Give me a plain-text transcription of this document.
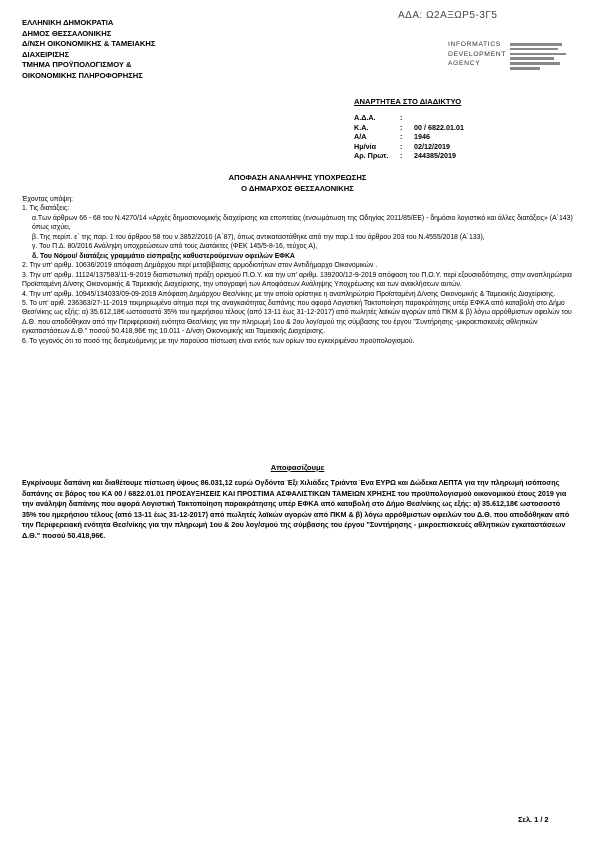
ΑΔΑ: Ω2ΑΞΩΡ5-3Γ5
ΕΛΛΗΝΙΚΗ ΔΗΜΟΚΡΑΤΙΑ
ΔΗΜΟΣ ΘΕΣΣΑΛΟΝΙΚΗΣ
Δ/ΝΣΗ ΟΙΚΟΝΟΜΙΚΗΣ & ΤΑΜΕΙΑΚΗΣ
ΔΙΑΧΕΙΡΙΣΗΣ
ΤΜΗΜΑ ΠΡΟΫΠΟΛΟΓΙΣΜΟΥ &
ΟΙΚΟΝΟΜΙΚΗΣ ΠΛΗΡΟΦΟΡΗΣΗΣ
INFORMATICS
DEVELOPMENT
AGENCY
ΑΝΑΡΤΗΤΕΑ ΣΤΟ ΔΙΑΔΙΚΤΥΟ
Α.Δ.Α.	:
Κ.Α.	:	00 / 6822.01.01
Α/Α	:	1946
Ημ/νία	:	02/12/2019
Αρ. Πρωτ.	:	244385/2019
ΑΠΟΦΑΣΗ ΑΝΑΛΗΨΗΣ ΥΠΟΧΡΕΩΣΗΣ
Ο ΔΗΜΑΡΧΟΣ ΘΕΣΣΑΛΟΝΙΚΗΣ

Έχοντας υπόψη:

1. Τις διατάξεις:

α.Των άρθρων 66 - 68 του Ν.4270/14 «Αρχές δημοσιονομικής διαχείρισης και εποπτείας (ενσωμάτωση της Οδηγίας 2011/85/ΕΕ) - δημόσιο λογιστικό και άλλες διατάξεις» (Α΄143) όπως ισχύει,

β. Της περίπ. ε΄ της παρ. 1 του άρθρου 58 του ν.3852/2010 (Α΄87), όπως αντικαταστάθηκε από την παρ.1 του άρθρου 203 του Ν.4555/2018 (Α΄133),

γ. Του Π.Δ. 80/2016 Ανάληψη υποχρεώσεων από τους Διατάκτες (ΦΕΚ 145/5-8-16, τεύχος Α),

δ. Του Νόμου/ διατάξεις γραμμάτιο είσπραξης καθυστερούμενων οφειλών ΕΦΚΑ

2. Την υπ' αριθμ. 10636/2019 απόφαση Δημάρχου περί μεταβίβασης αρμοδιοτήτων στον Αντιδήμαρχο Οικονομικών .

3. Την υπ' αριθμ. 11124/137583/11-9-2019 διαπιστωτική πράξη ορισμού Π.Ο.Υ. και την υπ' αριθμ. 139200/12-9-2019 απόφαση του Π.Ο.Υ. περί εξουσιοδότησης, στην αναπληρώτρια Προϊσταμένη Δ/νσης Οικονομικής & Ταμειακής Διαχείρισης, την υπογραφή των Αποφάσεων Ανάληψης Υποχρέωσης και των ανακλήσεων αυτών.

4. Την υπ' αριθμ. 10945/134033/09-09-2019 Απόφαση Δημάρχου Θεσ/νίκης με την οποία ορίστηκε η αναπληρώτρια Προϊσταμένη Δ/νσης Οικονομικής & Ταμειακής Διαχείρισης.

5. Το υπ' αριθ. 236363/27-11-2019 τεκμηριωμένο αίτημα περί της αναγκαιότητας δαπάνης που αφορά Λογιστική Τακτοποίηση παρακράτησης υπέρ ΕΦΚΑ από καταβολή στο Δήμο Θεσ/νίκης ως εξής: α) 35.612,18€ ωστοσοστό 35% του ημερήσιου τέλους (από 13-11 έως 31-12-2017) από πωλητές λαϊκών αγορών από ΠΚΜ & β) λόγω αρρόθμιστων οφειλών του Δ.Θ. που αποδόθηκαν από την Περιφερειακή ενότητα Θεσ/νίκης για την πληρωμή 1ου & 2ου λογ/σμού της σύμβασης του έργου "Συντήρησης -μικροεπισκευές αθλητικών εγκαταστάσεων Δ.Θ." ποσού 50.418,96€ της 10.011 - Δ/νση Οικονομικής και Ταμειακής Διαχείρισης.

6. Το γεγονός ότι το ποσό της δεσμευόμενης με την παρούσα πίστωση είναι εντός των ορίων του εγκεκριμένου προϋπολογισμού.

Αποφασίζουμε
Εγκρίνουμε δαπάνη και διαθέτουμε πίστωση ύψους 86.031,12 ευρώ Ογδόντα Έξι Χιλιάδες Τριάντα Ένα ΕΥΡΩ και Δώδεκα ΛΕΠΤΑ για την πληρωμή ισόποσης δαπάνης σε βάρος του ΚΑ 00 / 6822.01.01 ΠΡΟΣΑΥΞΗΣΕΙΣ ΚΑΙ ΠΡΟΣΤΙΜΑ ΑΣΦΑΛΙΣΤΙΚΩΝ ΤΑΜΕΙΩΝ ΧΡΗΣΗΣ του προϋπολογισμού οικονομικού έτους 2019 για την ανάληψη δαπάνης που αφορά Λογιστική Τακτοποίηση παρακράτησης υπέρ ΕΦΚΑ από καταβολή στο Δήμο Θεσ/νίκης ως εξής: α) 35.612,18€ ωστοσοστό 35% του ημερήσιου τέλους (από 13-11 έως 31-12-2017) από πωλητές λαϊκών αγορών από ΠΚΜ & β) λόγω αρρόθμιστων οφειλών του Δ.Θ. που αποδόθηκαν από την Περιφερειακή ενότητα Θεσ/νίκης για την πληρωμή 1ου & 2ου λογ/σμού της σύμβασης του έργου "Συντήρησης - μικροεπισκευές αθλητικών εγκαταστάσεων Δ.Θ." ποσού 50.418,96€.
Σελ. 1 / 2
